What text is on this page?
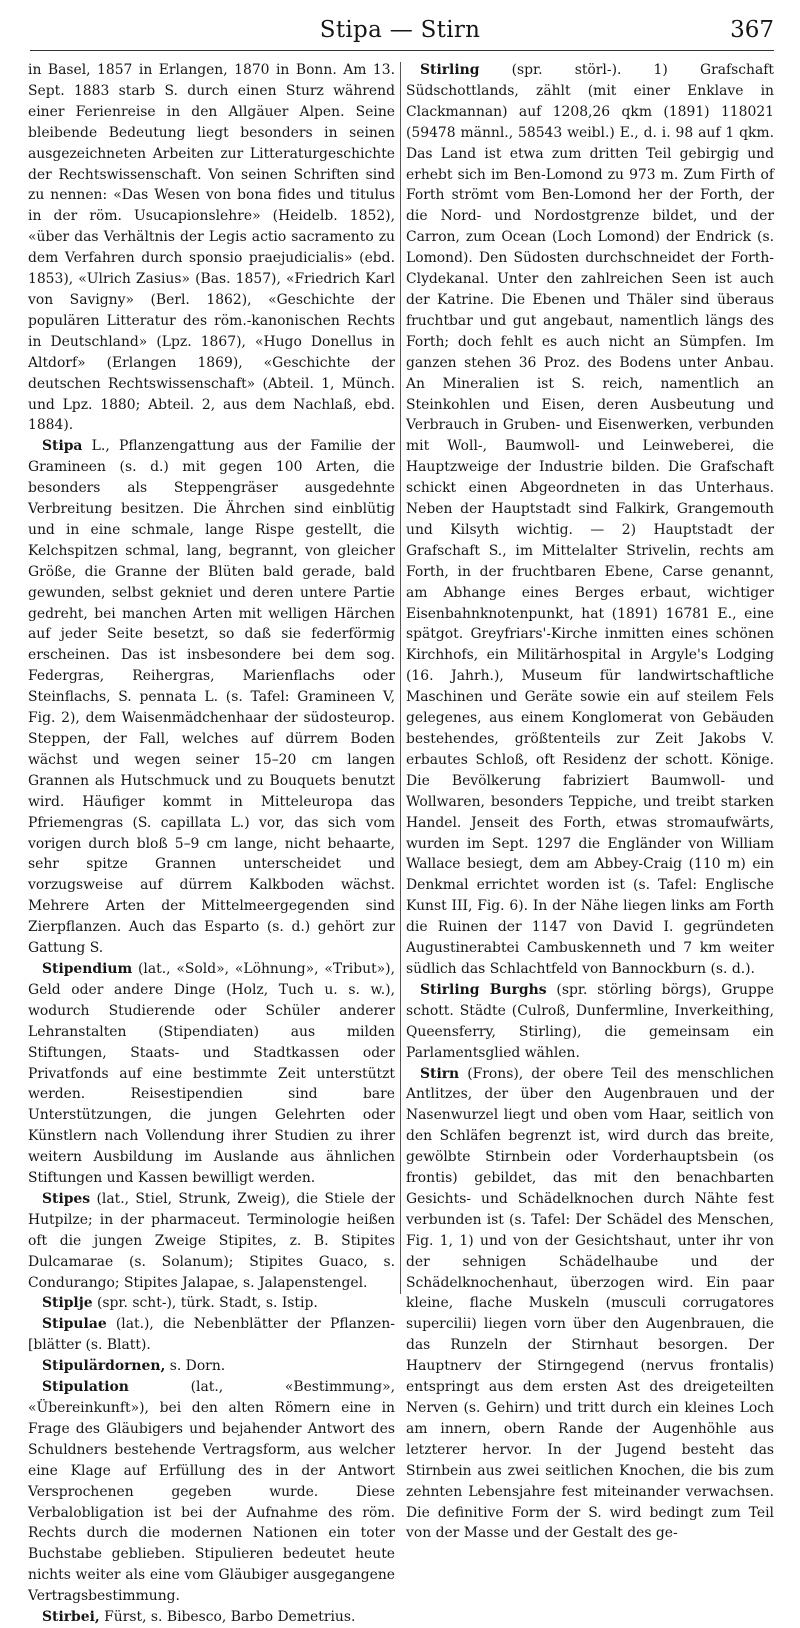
Stipa — Stirn	367

in Basel, 1857 in Erlangen, 1870 in Bonn. Am 13. Sept. 1883 starb S. durch einen Sturz während einer Ferienreise in den Allgäuer Alpen. Seine bleibende Bedeutung liegt besonders in seinen ausgezeichneten Arbeiten zur Litteraturgeschichte der Rechtswissenschaft. Von seinen Schriften sind zu nennen: «Das Wesen von bona fides und titulus in der röm. Usucapionslehre» (Heidelb. 1852), «über das Verhältnis der Legis actio sacramento zu dem Verfahren durch sponsio praejudicialis» (ebd. 1853), «Ulrich Zasius» (Bas. 1857), «Friedrich Karl von Savigny» (Berl. 1862), «Geschichte der populären Litteratur des röm.-kanonischen Rechts in Deutschland» (Lpz. 1867), «Hugo Donellus in Altdorf» (Erlangen 1869), «Geschichte der deutschen Rechtswissenschaft» (Abteil. 1, Münch. und Lpz. 1880; Abteil. 2, aus dem Nachlaß, ebd. 1884).

Stipa L., Pflanzengattung aus der Familie der Gramineen (s. d.) mit gegen 100 Arten, die besonders als Steppengräser ausgedehnte Verbreitung besitzen. Die Ährchen sind einblütig und in eine schmale, lange Rispe gestellt, die Kelchspitzen schmal, lang, begrannt, von gleicher Größe, die Granne der Blüten bald gerade, bald gewunden, selbst gekniet und deren untere Partie gedreht, bei manchen Arten mit welligen Härchen auf jeder Seite besetzt, so daß sie federförmig erscheinen. Das ist insbesondere bei dem sog. Federgras, Reihergras, Marienflachs oder Steinflachs, S. pennata L. (s. Tafel: Gramineen V, Fig. 2), dem Waisenmädchenhaar der südosteurop. Steppen, der Fall, welches auf dürrem Boden wächst und wegen seiner 15–20 cm langen Grannen als Hutschmuck und zu Bouquets benutzt wird. Häufiger kommt in Mitteleuropa das Pfriemengras (S. capillata L.) vor, das sich vom vorigen durch bloß 5–9 cm lange, nicht behaarte, sehr spitze Grannen unterscheidet und vorzugsweise auf dürrem Kalkboden wächst. Mehrere Arten der Mittelmeergegenden sind Zierpflanzen. Auch das Esparto (s. d.) gehört zur Gattung S.

Stipendium (lat., «Sold», «Löhnung», «Tribut»), Geld oder andere Dinge (Holz, Tuch u. s. w.), wodurch Studierende oder Schüler anderer Lehranstalten (Stipendiaten) aus milden Stiftungen, Staats- und Stadtkassen oder Privatfonds auf eine bestimmte Zeit unterstützt werden. Reisestipendien sind bare Unterstützungen, die jungen Gelehrten oder Künstlern nach Vollendung ihrer Studien zu ihrer weitern Ausbildung im Auslande aus ähnlichen Stiftungen und Kassen bewilligt werden.

Stipes (lat., Stiel, Strunk, Zweig), die Stiele der Hutpilze; in der pharmaceut. Terminologie heißen oft die jungen Zweige Stipites, z. B. Stipites Dulcamarae (s. Solanum); Stipites Guaco, s. Condurango; Stipites Jalapae, s. Jalapenstengel.

Stiplje (spr. scht-), türk. Stadt, s. Istip.

Stipulae (lat.), die Nebenblätter der Pflanzen- [blätter (s. Blatt).

Stipulärdornen, s. Dorn.

Stipulation (lat., «Bestimmung», «Übereinkunft»), bei den alten Römern eine in Frage des Gläubigers und bejahender Antwort des Schuldners bestehende Vertragsform, aus welcher eine Klage auf Erfüllung des in der Antwort Versprochenen gegeben wurde. Diese Verbalobligation ist bei der Aufnahme des röm. Rechts durch die modernen Nationen ein toter Buchstabe geblieben. Stipulieren bedeutet heute nichts weiter als eine vom Gläubiger ausgegangene Vertragsbestimmung.

Stirbei, Fürst, s. Bibesco, Barbo Demetrius.

Stirling (spr. störl-). 1) Grafschaft Südschottlands, zählt (mit einer Enklave in Clackmannan) auf 1208,26 qkm (1891) 118021 (59478 männl., 58543 weibl.) E., d. i. 98 auf 1 qkm. Das Land ist etwa zum dritten Teil gebirgig und erhebt sich im Ben-Lomond zu 973 m. Zum Firth of Forth strömt vom Ben-Lomond her der Forth, der die Nord- und Nordostgrenze bildet, und der Carron, zum Ocean (Loch Lomond) der Endrick (s. Lomond). Den Südosten durchschneidet der Forth-Clydekanal. Unter den zahlreichen Seen ist auch der Katrine. Die Ebenen und Thäler sind überaus fruchtbar und gut angebaut, namentlich längs des Forth; doch fehlt es auch nicht an Sümpfen. Im ganzen stehen 36 Proz. des Bodens unter Anbau. An Mineralien ist S. reich, namentlich an Steinkohlen und Eisen, deren Ausbeutung und Verbrauch in Gruben- und Eisenwerken, verbunden mit Woll-, Baumwoll- und Leinweberei, die Hauptzweige der Industrie bilden. Die Grafschaft schickt einen Abgeordneten in das Unterhaus. Neben der Hauptstadt sind Falkirk, Grangemouth und Kilsyth wichtig. — 2) Hauptstadt der Grafschaft S., im Mittelalter Strivelin, rechts am Forth, in der fruchtbaren Ebene, Carse genannt, am Abhange eines Berges erbaut, wichtiger Eisenbahnknotenpunkt, hat (1891) 16781 E., eine spätgot. Greyfriars'-Kirche inmitten eines schönen Kirchhofs, ein Militärhospital in Argyle's Lodging (16. Jahrh.), Museum für landwirtschaftliche Maschinen und Geräte sowie ein auf steilem Fels gelegenes, aus einem Konglomerat von Gebäuden bestehendes, größtenteils zur Zeit Jakobs V. erbautes Schloß, oft Residenz der schott. Könige. Die Bevölkerung fabriziert Baumwoll- und Wollwaren, besonders Teppiche, und treibt starken Handel. Jenseit des Forth, etwas stromaufwärts, wurden im Sept. 1297 die Engländer von William Wallace besiegt, dem am Abbey-Craig (110 m) ein Denkmal errichtet worden ist (s. Tafel: Englische Kunst III, Fig. 6). In der Nähe liegen links am Forth die Ruinen der 1147 von David I. gegründeten Augustinerabtei Cambuskenneth und 7 km weiter südlich das Schlachtfeld von Bannockburn (s. d.).

Stirling Burghs (spr. störling börgs), Gruppe schott. Städte (Culroß, Dunfermline, Inverkeithing, Queensferry, Stirling), die gemeinsam ein Parlamentsglied wählen.

Stirn (Frons), der obere Teil des menschlichen Antlitzes, der über den Augenbrauen und der Nasenwurzel liegt und oben vom Haar, seitlich von den Schläfen begrenzt ist, wird durch das breite, gewölbte Stirnbein oder Vorderhauptsbein (os frontis) gebildet, das mit den benachbarten Gesichts- und Schädelknochen durch Nähte fest verbunden ist (s. Tafel: Der Schädel des Menschen, Fig. 1, 1) und von der Gesichtshaut, unter ihr von der sehnigen Schädelhaube und der Schädelknochenhaut, überzogen wird. Ein paar kleine, flache Muskeln (musculi corrugatores supercilii) liegen vorn über den Augenbrauen, die das Runzeln der Stirnhaut besorgen. Der Hauptnerv der Stirngegend (nervus frontalis) entspringt aus dem ersten Ast des dreigeteilten Nerven (s. Gehirn) und tritt durch ein kleines Loch am innern, obern Rande der Augenhöhle aus letzterer hervor. In der Jugend besteht das Stirnbein aus zwei seitlichen Knochen, die bis zum zehnten Lebensjahre fest miteinander verwachsen. Die definitive Form der S. wird bedingt zum Teil von der Masse und der Gestalt des ge-
